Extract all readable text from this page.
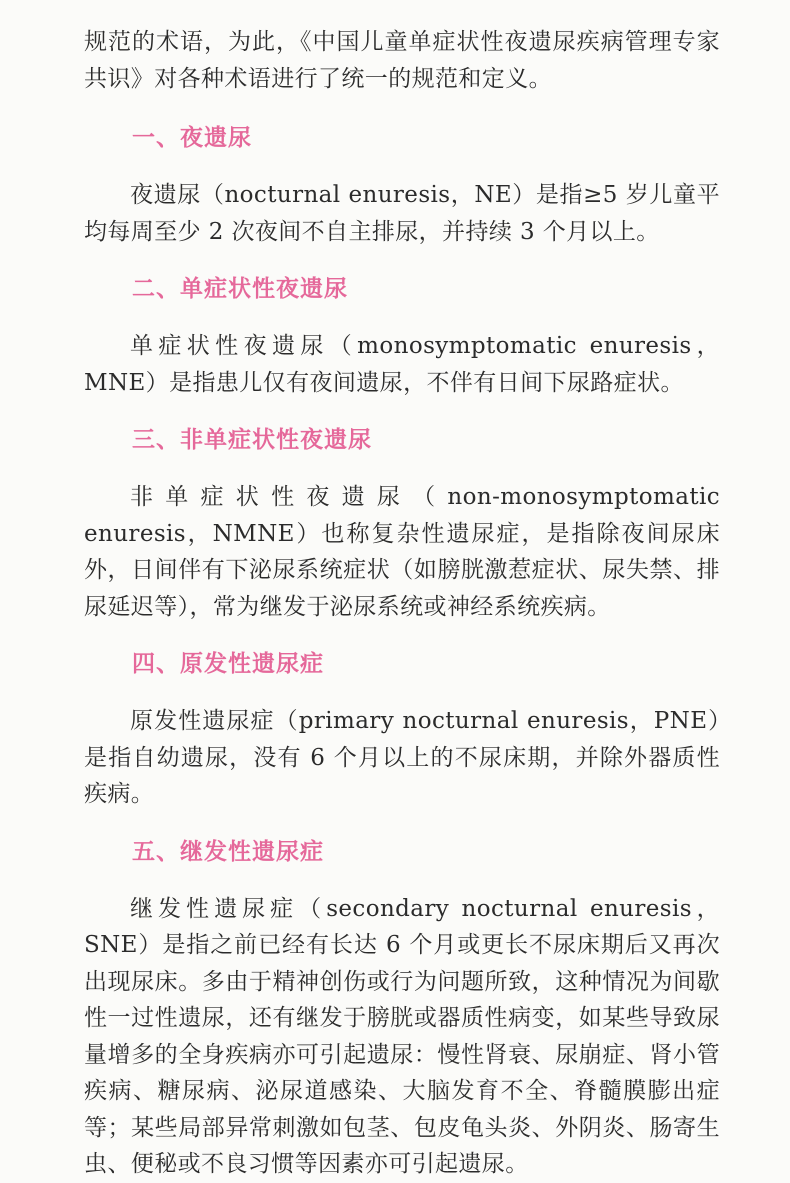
规范的术语，为此，《中国儿童单症状性夜遗尿疾病管理专家共识》对各种术语进行了统一的规范和定义。

一、夜遗尿

夜遗尿（nocturnal enuresis，NE）是指≥5 岁儿童平均每周至少 2 次夜间不自主排尿，并持续 3 个月以上。

二、单症状性夜遗尿

单症状性夜遗尿（monosymptomatic enuresis，MNE）是指患儿仅有夜间遗尿，不伴有日间下尿路症状。

三、非单症状性夜遗尿

非单症状性夜遗尿（non-monosymptomatic enuresis，NMNE）也称复杂性遗尿症，是指除夜间尿床外，日间伴有下泌尿系统症状（如膀胱激惹症状、尿失禁、排尿延迟等），常为继发于泌尿系统或神经系统疾病。

四、原发性遗尿症

原发性遗尿症（primary nocturnal enuresis，PNE）是指自幼遗尿，没有 6 个月以上的不尿床期，并除外器质性疾病。

五、继发性遗尿症

继发性遗尿症（secondary nocturnal enuresis，SNE）是指之前已经有长达 6 个月或更长不尿床期后又再次出现尿床。多由于精神创伤或行为问题所致，这种情况为间歇性一过性遗尿，还有继发于膀胱或器质性病变，如某些导致尿量增多的全身疾病亦可引起遗尿：慢性肾衰、尿崩症、肾小管疾病、糖尿病、泌尿道感染、大脑发育不全、脊髓膜膨出症等；某些局部异常刺激如包茎、包皮龟头炎、外阴炎、肠寄生虫、便秘或不良习惯等因素亦可引起遗尿。
